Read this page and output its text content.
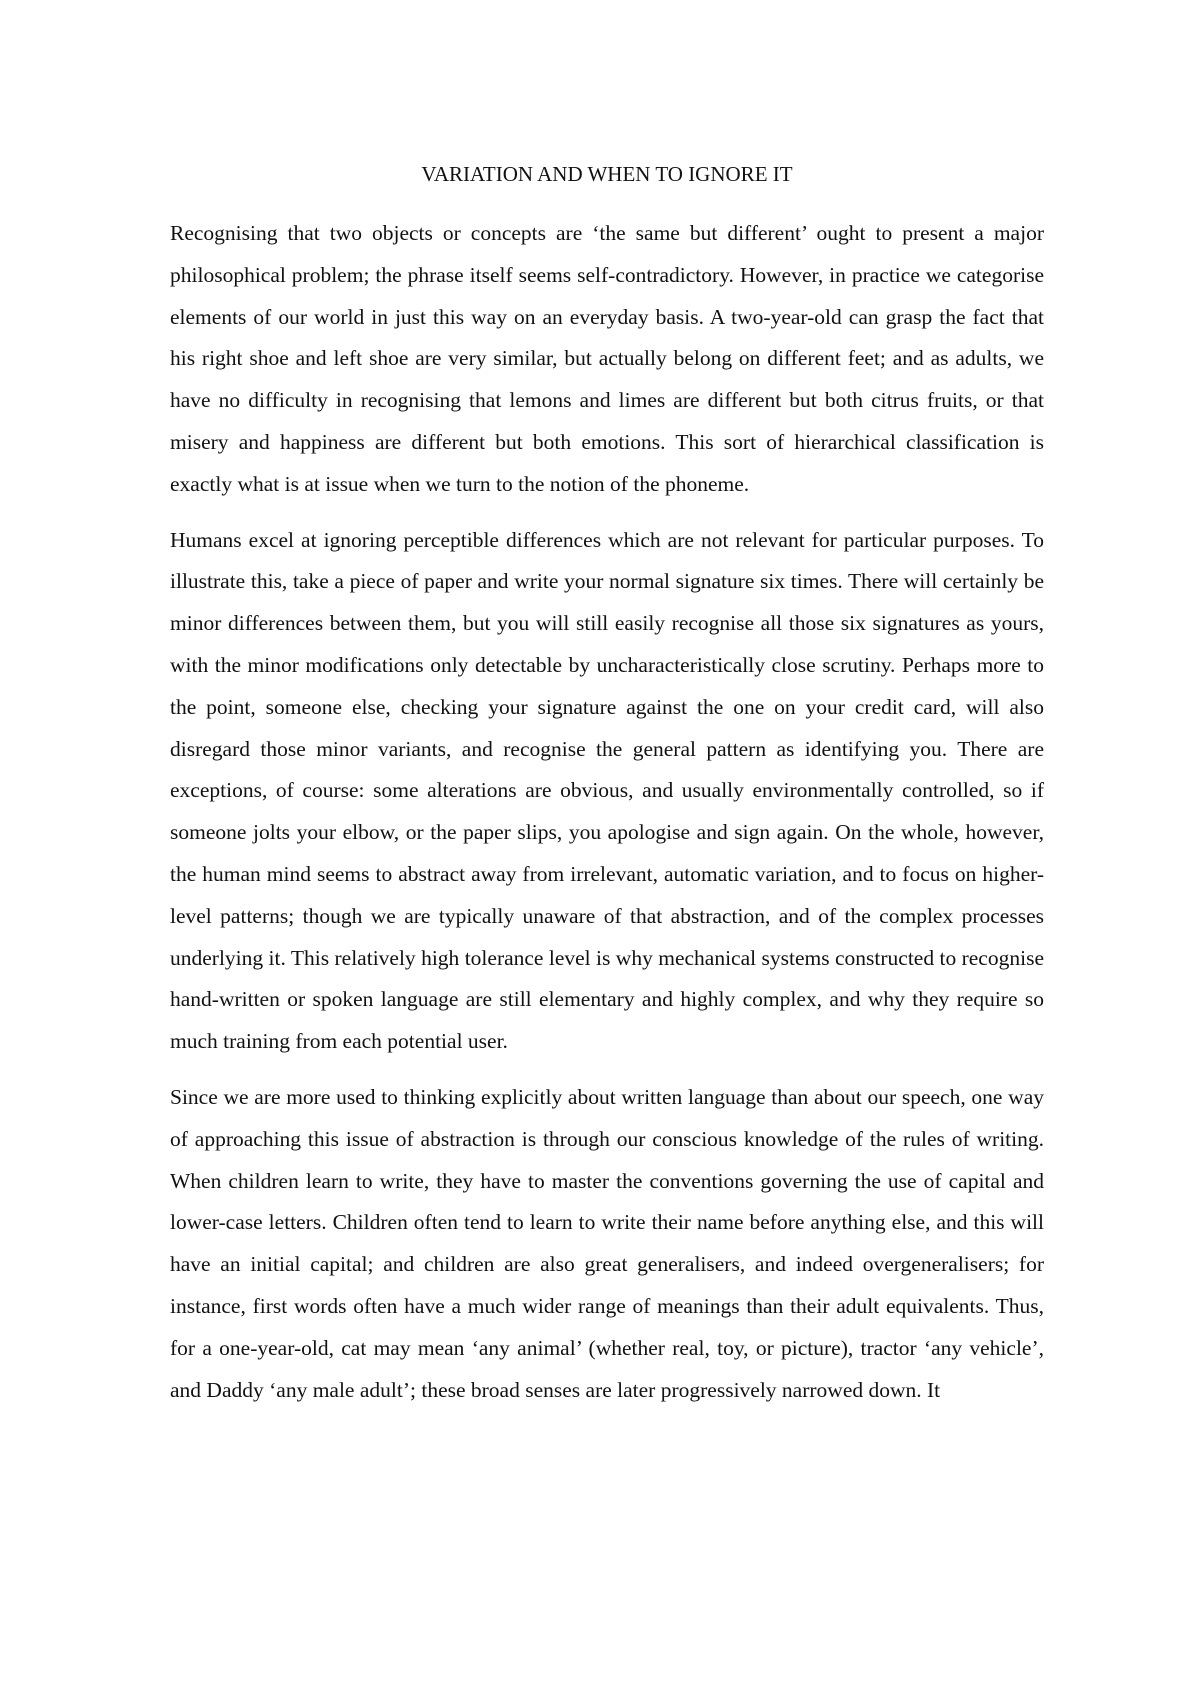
VARIATION AND WHEN TO IGNORE IT

Recognising that two objects or concepts are ‘the same but different’ ought to present a major philosophical problem; the phrase itself seems self-contradictory. However, in practice we categorise elements of our world in just this way on an everyday basis. A two-year-old can grasp the fact that his right shoe and left shoe are very similar, but actually belong on different feet; and as adults, we have no difficulty in recognising that lemons and limes are different but both citrus fruits, or that misery and happiness are different but both emotions. This sort of hierarchical classification is exactly what is at issue when we turn to the notion of the phoneme.

Humans excel at ignoring perceptible differences which are not relevant for particular purposes. To illustrate this, take a piece of paper and write your normal signature six times. There will certainly be minor differences between them, but you will still easily recognise all those six signatures as yours, with the minor modifications only detectable by uncharacteristically close scrutiny. Perhaps more to the point, someone else, checking your signature against the one on your credit card, will also disregard those minor variants, and recognise the general pattern as identifying you. There are exceptions, of course: some alterations are obvious, and usually environmentally controlled, so if someone jolts your elbow, or the paper slips, you apologise and sign again. On the whole, however, the human mind seems to abstract away from irrelevant, automatic variation, and to focus on higher-level patterns; though we are typically unaware of that abstraction, and of the complex processes underlying it. This relatively high tolerance level is why mechanical systems constructed to recognise hand-written or spoken language are still elementary and highly complex, and why they require so much training from each potential user.

Since we are more used to thinking explicitly about written language than about our speech, one way of approaching this issue of abstraction is through our conscious knowledge of the rules of writing. When children learn to write, they have to master the conventions governing the use of capital and lower-case letters. Children often tend to learn to write their name before anything else, and this will have an initial capital; and children are also great generalisers, and indeed overgeneralisers; for instance, first words often have a much wider range of meanings than their adult equivalents. Thus, for a one-year-old, cat may mean ‘any animal’ (whether real, toy, or picture), tractor ‘any vehicle’, and Daddy ‘any male adult’; these broad senses are later progressively narrowed down. It
